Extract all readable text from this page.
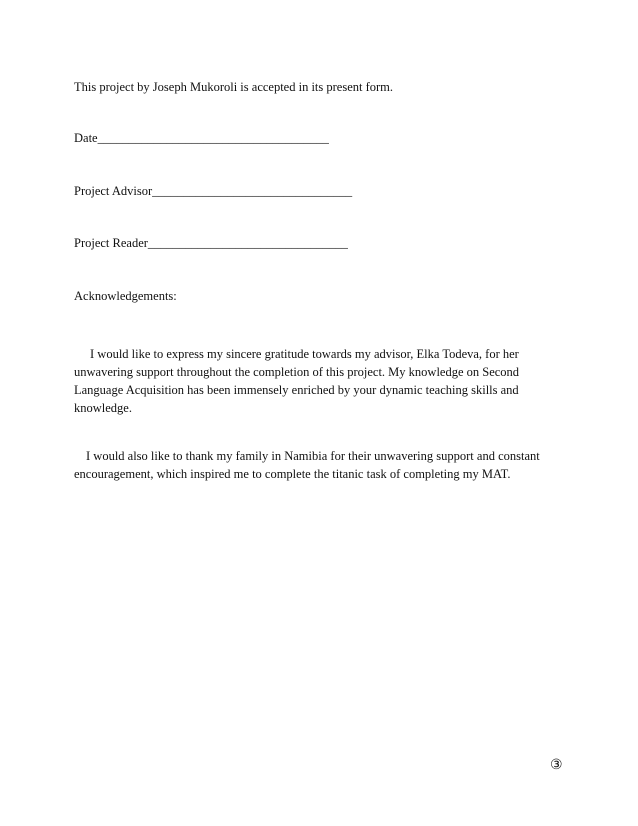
This project by Joseph Mukoroli is accepted in its present form.
Date_____________________________________
Project Advisor________________________________
Project Reader________________________________
Acknowledgements:
I would like to express my sincere gratitude towards my advisor, Elka Todeva, for her
unwavering support throughout the completion of this project. My knowledge on Second
Language Acquisition has been immensely enriched by your dynamic teaching skills and
knowledge.
I would also like to thank my family in Namibia for their unwavering support and constant
encouragement, which inspired me to complete the titanic task of completing my MAT.
③
